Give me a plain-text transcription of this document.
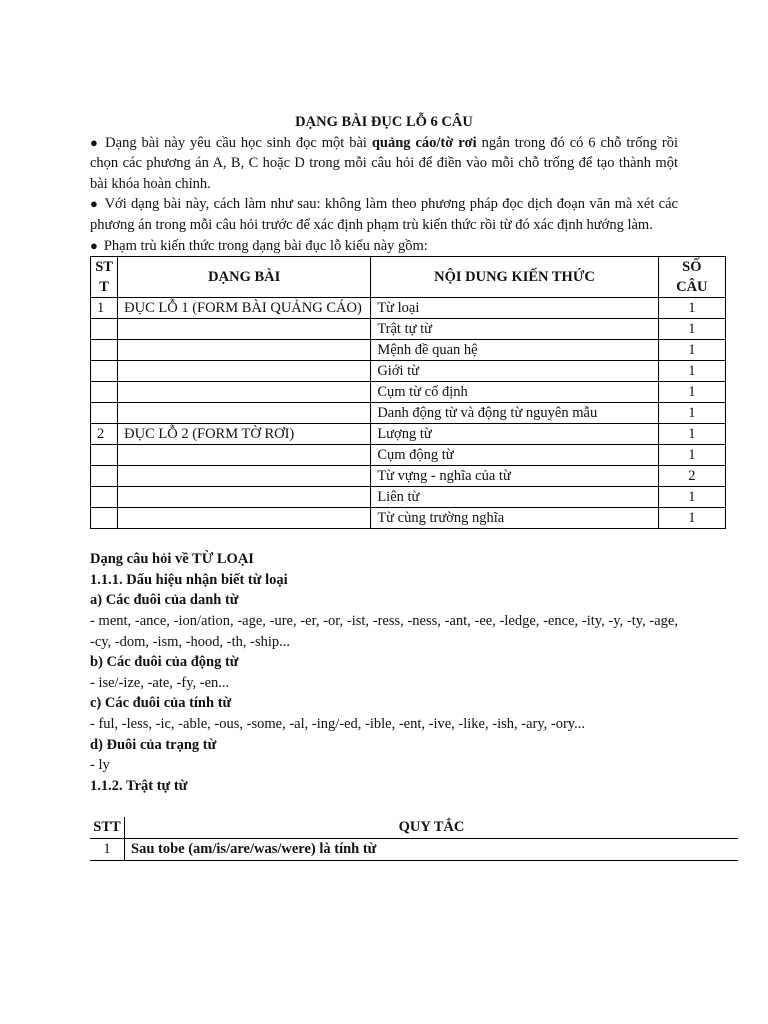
DẠNG BÀI ĐỤC LỖ 6 CÂU

● Dạng bài này yêu cầu học sinh đọc một bài quảng cáo/tờ rơi ngắn trong đó có 6 chỗ trống rồi chọn các phương án A, B, C hoặc D trong mỗi câu hỏi để điền vào mỗi chỗ trống để tạo thành một bài khóa hoàn chỉnh.

● Với dạng bài này, cách làm như sau: không làm theo phương pháp đọc dịch đoạn văn mà xét các phương án trong mỗi câu hỏi trước để xác định phạm trù kiến thức rồi từ đó xác định hướng làm.

● Phạm trù kiến thức trong dạng bài đục lỗ kiểu này gồm:

STT	DẠNG BÀI	NỘI DUNG KIẾN THỨC	SỐ CÂU
1	ĐỤC LỖ 1 (FORM BÀI QUẢNG CÁO)	Từ loại	1
		Trật tự từ	1
		Mệnh đề quan hệ	1
		Giới từ	1
		Cụm từ cố định	1
		Danh động từ và động từ nguyên mẫu	1
2	ĐỤC LỖ 2 (FORM TỜ RƠI)	Lượng từ	1
		Cụm động từ	1
		Từ vựng - nghĩa của từ	2
		Liên từ	1
		Từ cùng trường nghĩa	1

Dạng câu hỏi về TỪ LOẠI

1.1.1. Dấu hiệu nhận biết từ loại

a) Các đuôi của danh từ

- ment, -ance, -ion/ation, -age, -ure, -er, -or, -ist, -ress, -ness, -ant, -ee, -ledge, -ence, -ity, -y, -ty, -age, -cy, -dom, -ism, -hood, -th, -ship...

b) Các đuôi của động từ

- ise/-ize, -ate, -fy, -en...

c) Các đuôi của tính từ

- ful, -less, -ic, -able, -ous, -some, -al, -ing/-ed, -ible, -ent, -ive, -like, -ish, -ary, -ory...

d) Đuôi của trạng từ

- ly

1.1.2. Trật tự từ

STT	QUY TẮC
1	Sau tobe (am/is/are/was/were) là tính từ
